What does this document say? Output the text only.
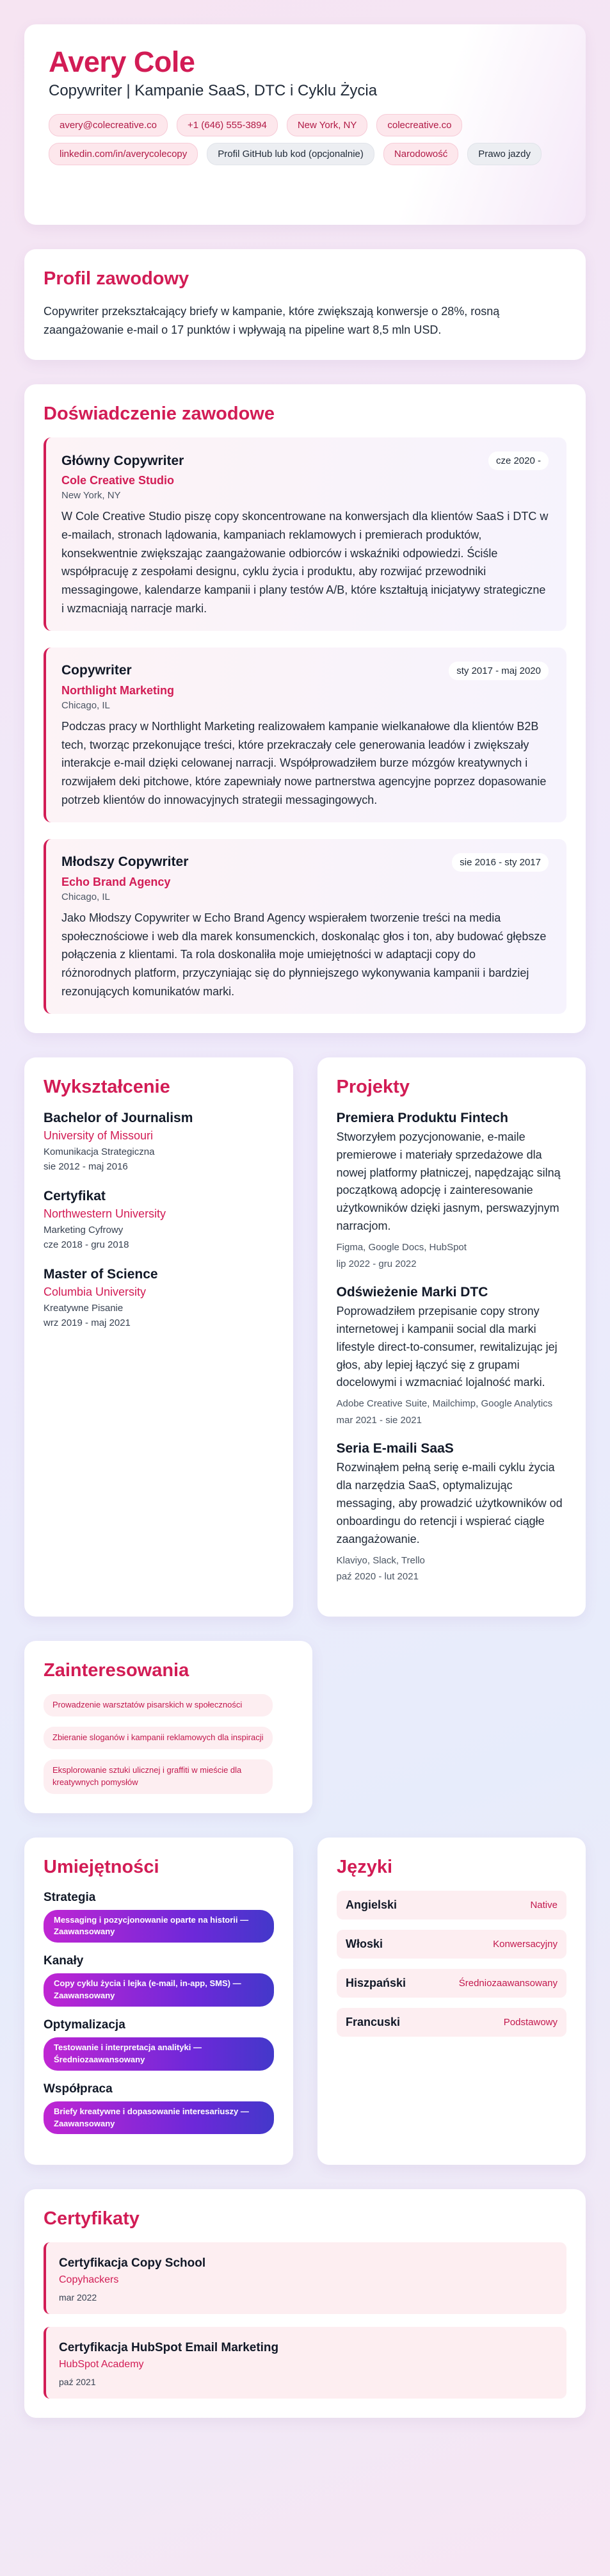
Avery Cole
Copywriter | Kampanie SaaS, DTC i Cyklu Życia
avery@colecreative.co	+1 (646) 555-3894	New York, NY	colecreative.co
linkedin.com/in/averycolecopy	Profil GitHub lub kod (opcjonalnie)	Narodowość	Prawo jazdy
Profil zawodowy

Copywriter przekształcający briefy w kampanie, które zwiększają konwersje o 28%, rosną zaangażowanie e-mail o 17 punktów i wpływają na pipeline wart 8,5 mln USD.

Doświadczenie zawodowe
Główny Copywriter	cze 2020 -
Cole Creative Studio
New York, NY

W Cole Creative Studio piszę copy skoncentrowane na konwersjach dla klientów SaaS i DTC w e-mailach, stronach lądowania, kampaniach reklamowych i premierach produktów, konsekwentnie zwiększając zaangażowanie odbiorców i wskaźniki odpowiedzi. Ściśle współpracuję z zespołami designu, cyklu życia i produktu, aby rozwijać przewodniki messagingowe, kalendarze kampanii i plany testów A/B, które kształtują inicjatywy strategiczne i wzmacniają narracje marki.

Copywriter	sty 2017 - maj 2020
Northlight Marketing
Chicago, IL

Podczas pracy w Northlight Marketing realizowałem kampanie wielkanałowe dla klientów B2B tech, tworząc przekonujące treści, które przekraczały cele generowania leadów i zwiększały interakcje e-mail dzięki celowanej narracji. Współprowadziłem burze mózgów kreatywnych i rozwijałem deki pitchowe, które zapewniały nowe partnerstwa agencyjne poprzez dopasowanie potrzeb klientów do innowacyjnych strategii messagingowych.

Młodszy Copywriter	sie 2016 - sty 2017
Echo Brand Agency
Chicago, IL

Jako Młodszy Copywriter w Echo Brand Agency wspierałem tworzenie treści na media społecznościowe i web dla marek konsumenckich, doskonaląc głos i ton, aby budować głębsze połączenia z klientami. Ta rola doskonaliła moje umiejętności w adaptacji copy do różnorodnych platform, przyczyniając się do płynniejszego wykonywania kampanii i bardziej rezonujących komunikatów marki.

Wykształcenie
Bachelor of Journalism
University of Missouri
Komunikacja Strategiczna
sie 2012 - maj 2016
Certyfikat
Northwestern University
Marketing Cyfrowy
cze 2018 - gru 2018
Master of Science
Columbia University
Kreatywne Pisanie
wrz 2019 - maj 2021
Projekty
Premiera Produktu Fintech

Stworzyłem pozycjonowanie, e-maile premierowe i materiały sprzedażowe dla nowej platformy płatniczej, napędzając silną początkową adopcję i zainteresowanie użytkowników dzięki jasnym, perswazyjnym narracjom.

Figma, Google Docs, HubSpot
lip 2022 - gru 2022
Odświeżenie Marki DTC

Poprowadziłem przepisanie copy strony internetowej i kampanii social dla marki lifestyle direct-to-consumer, rewitalizując jej głos, aby lepiej łączyć się z grupami docelowymi i wzmacniać lojalność marki.

Adobe Creative Suite, Mailchimp, Google Analytics
mar 2021 - sie 2021
Seria E-maili SaaS

Rozwinąłem pełną serię e-maili cyklu życia dla narzędzia SaaS, optymalizując messaging, aby prowadzić użytkowników od onboardingu do retencji i wspierać ciągłe zaangażowanie.

Klaviyo, Slack, Trello
paź 2020 - lut 2021
Zainteresowania
Prowadzenie warsztatów pisarskich w społeczności
Zbieranie sloganów i kampanii reklamowych dla inspiracji
Eksplorowanie sztuki ulicznej i graffiti w mieście dla kreatywnych pomysłów
Umiejętności
Strategia
Messaging i pozycjonowanie oparte na historii — Zaawansowany
Kanały
Copy cyklu życia i lejka (e-mail, in-app, SMS) — Zaawansowany
Optymalizacja
Testowanie i interpretacja analityki — Średniozaawansowany
Współpraca
Briefy kreatywne i dopasowanie interesariuszy — Zaawansowany
Języki
Angielski	Native
Włoski	Konwersacyjny
Hiszpański	Średniozaawansowany
Francuski	Podstawowy
Certyfikaty
Certyfikacja Copy School
Copyhackers
mar 2022
Certyfikacja HubSpot Email Marketing
HubSpot Academy
paź 2021
